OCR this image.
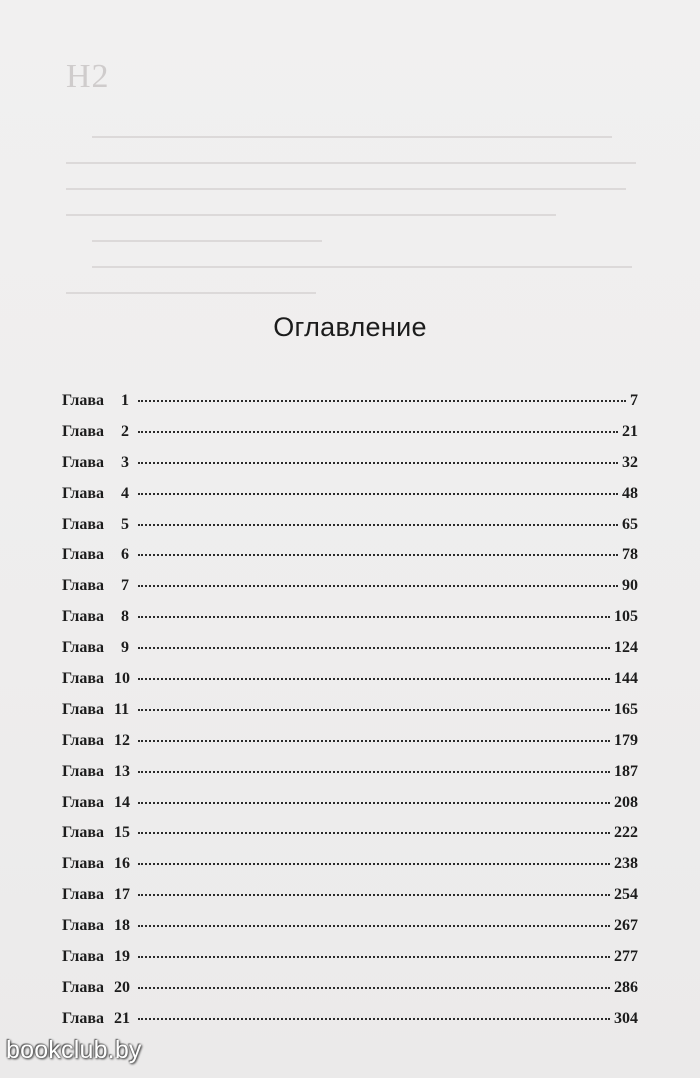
H2
Оглавление
Глава	1	7
Глава	2	21
Глава	3	32
Глава	4	48
Глава	5	65
Глава	6	78
Глава	7	90
Глава	8	105
Глава	9	124
Глава 10	144
Глава 11	165
Глава 12	179
Глава 13	187
Глава 14	208
Глава 15	222
Глава 16	238
Глава 17	254
Глава 18	267
Глава 19	277
Глава 20	286
Глава 21	304
bookclub.by
